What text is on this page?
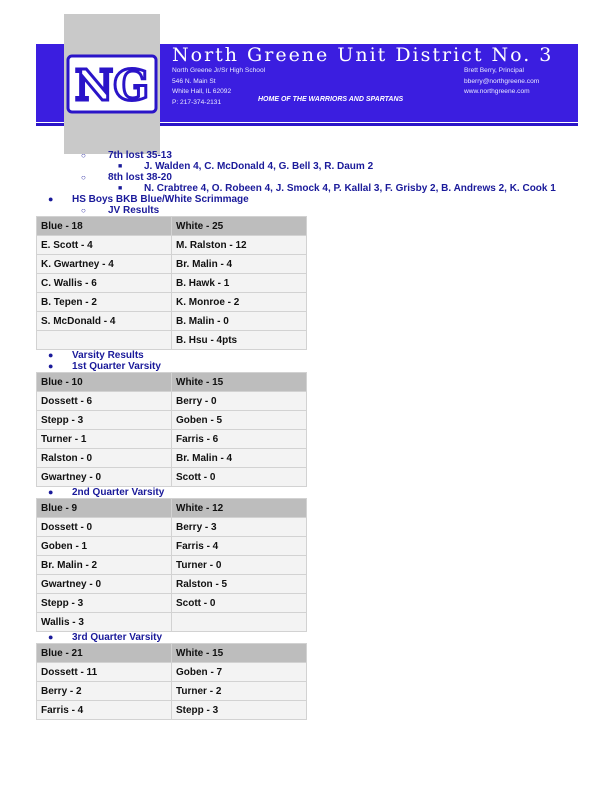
NG
North Greene Unit District No. 3
North Greene Jr/Sr High School
546 N. Main St
White Hall, IL 62092
P: 217-374-2131
Brett Berry, Principal
bberry@northgreene.com
www.northgreene.com
HOME OF THE WARRIORS AND SPARTANS
○ 7th lost 35-13
■ J. Walden 4, C. McDonald 4, G. Bell 3, R. Daum 2
○ 8th lost 38-20
■ N. Crabtree 4, O. Robeen 4, J. Smock 4, P. Kallal 3, F. Grisby 2, B. Andrews 2, K. Cook 1
● HS Boys BKB Blue/White Scrimmage
○ JV Results
Blue - 18	White - 25
E. Scott - 4	M. Ralston - 12
K. Gwartney - 4	Br. Malin - 4
C. Wallis - 6	B. Hawk - 1
B. Tepen - 2	K. Monroe - 2
S. McDonald - 4	B. Malin - 0
	B. Hsu - 4pts
● Varsity Results
● 1st Quarter Varsity
Blue - 10	White - 15
Dossett - 6	Berry - 0
Stepp - 3	Goben - 5
Turner - 1	Farris - 6
Ralston - 0	Br. Malin - 4
Gwartney - 0	Scott - 0
● 2nd Quarter Varsity
Blue - 9	White - 12
Dossett - 0	Berry - 3
Goben - 1	Farris - 4
Br. Malin - 2	Turner - 0
Gwartney - 0	Ralston - 5
Stepp - 3	Scott - 0
Wallis - 3	
● 3rd Quarter Varsity
Blue - 21	White - 15
Dossett - 11	Goben - 7
Berry - 2	Turner - 2
Farris - 4	Stepp - 3
